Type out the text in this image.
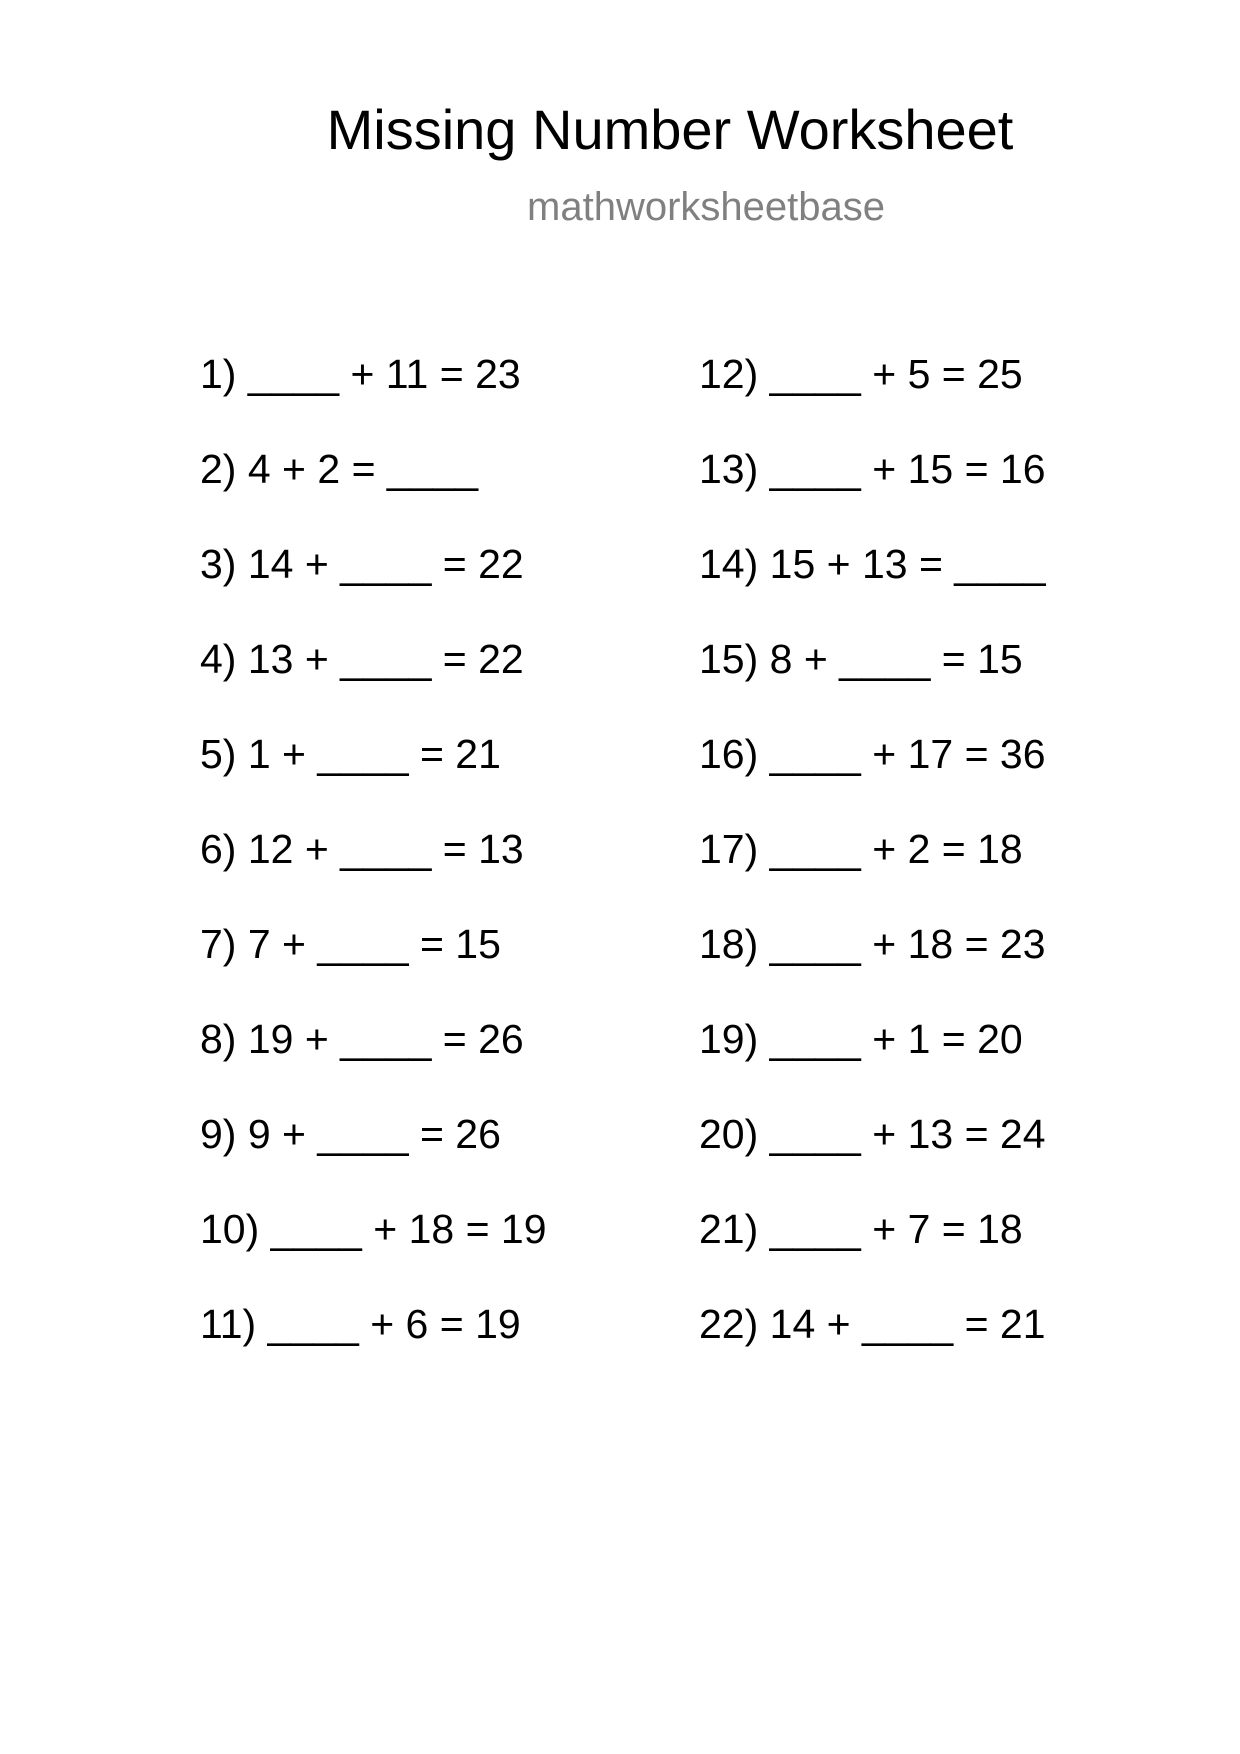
Missing Number Worksheet
mathworksheetbase
1) ____ + 11 = 23
2) 4 + 2 = ____
3) 14 + ____ = 22
4) 13 + ____ = 22
5) 1 + ____ = 21
6) 12 + ____ = 13
7) 7 + ____ = 15
8) 19 + ____ = 26
9) 9 + ____ = 26
10) ____ + 18 = 19
11) ____ + 6 = 19
12) ____ + 5 = 25
13) ____ + 15 = 16
14) 15 + 13 = ____
15) 8 + ____ = 15
16) ____ + 17 = 36
17) ____ + 2 = 18
18) ____ + 18 = 23
19) ____ + 1 = 20
20) ____ + 13 = 24
21) ____ + 7 = 18
22) 14 + ____ = 21
